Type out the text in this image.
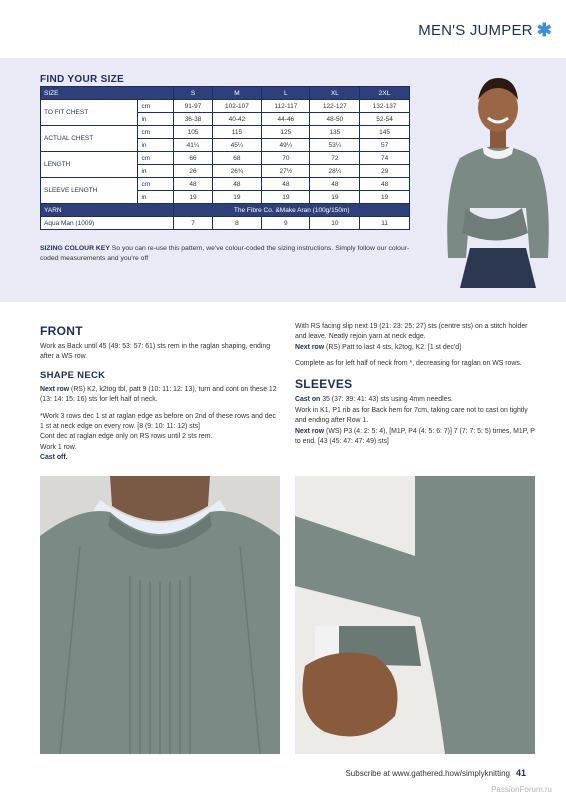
MEN'S JUMPER ✱
FIND YOUR SIZE
SIZE		S	M	L	XL	2XL
TO FIT CHEST	cm	91-97	102-107	112-117	122-127	132-137
	in	36-38	40-42	44-46	48-50	52-54
ACTUAL CHEST	cm	105	115	125	135	145
	in	41¼	45¼	49¼	53¼	57
LENGTH	cm	66	68	70	72	74
	in	26	26¾	27½	28¼	29
SLEEVE LENGTH	cm	48	48	48	48	48
	in	19	19	19	19	19
YARN		The Fibre Co. &Make Aran (100g/150m)				
Aqua Man (1009)		7	8	9	10	11
SIZING COLOUR KEY So you can re-use this pattern, we've colour-coded the sizing instructions. Simply follow our colour-coded measurements and you're off
FRONT

Work as Back until 45 (49: 53: 57: 61) sts rem in the raglan shaping, ending after a WS row.

SHAPE NECK

Next row (RS) K2, k2tog tbl, patt 9 (10: 11: 12: 13), turn and cont on these 12 (13: 14: 15: 16) sts for left half of neck.

*Work 3 rows dec 1 st at raglan edge as before on 2nd of these rows and dec 1 st at neck edge on every row. [8 (9: 10: 11: 12) sts]

Cont dec at raglan edge only on RS rows until 2 sts rem.

Work 1 row.

Cast off.

With RS facing slip next 19 (21: 23: 25: 27) sts (centre sts) on a stitch holder and leave. Neatly rejoin yarn at neck edge.

Next row (RS) Patt to last 4 sts, k2tog, K2. [1 st dec'd]

Complete as for left half of neck from *, decreasing for raglan on WS rows.

SLEEVES

Cast on 35 (37: 39: 41: 43) sts using 4mm needles.

Work in K1, P1 rib as for Back hem for 7cm, taking care not to cast on tightly and ending after Row 1.

Next row (WS) P3 (4: 2: 5: 4), [M1P, P4 (4: 5: 6: 7)] 7 (7: 7: 5: 5) times, M1P, P to end. [43 (45: 47: 47: 49) sts]

Subscribe at www.gathered.how/simplyknitting 41
PassionForum.ru
